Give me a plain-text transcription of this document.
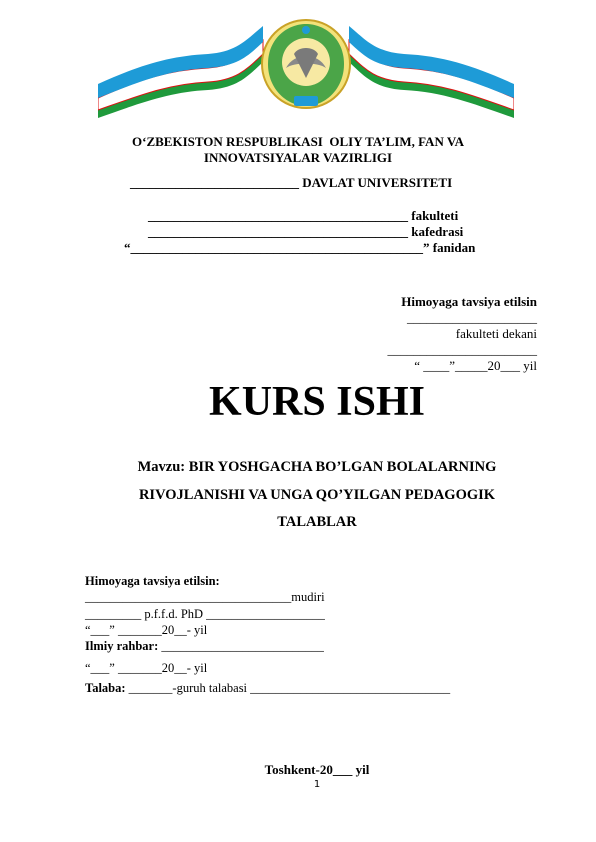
O‘ZBEKISTON RESPUBLIKASI  OLIY TA’LIM, FAN VA
INNOVATSIYALAR VAZIRLIGI
__________________________ DAVLAT UNIVERSITETI
________________________________________ fakulteti
________________________________________ kafedrasi
“_____________________________________________” fanidan
Himoyaga tavsiya etilsin
____________________
fakulteti dekani
_______________________
“ ____”_____20___ yil
KURS ISHI
Mavzu: BIR YOSHGACHA BO’LGAN BOLALARNING
RIVOJLANISHI VA UNGA QO’YILGAN PEDAGOGIK
TALABLAR
Himoyaga tavsiya etilsin:
_________________________________mudiri
_________ p.f.f.d. PhD ___________________
“___” _______20__- yil
Ilmiy rahbar: __________________________
“___” _______20__- yil
Talaba: _______-guruh talabasi ________________________________
Toshkent-20___ yil
1
